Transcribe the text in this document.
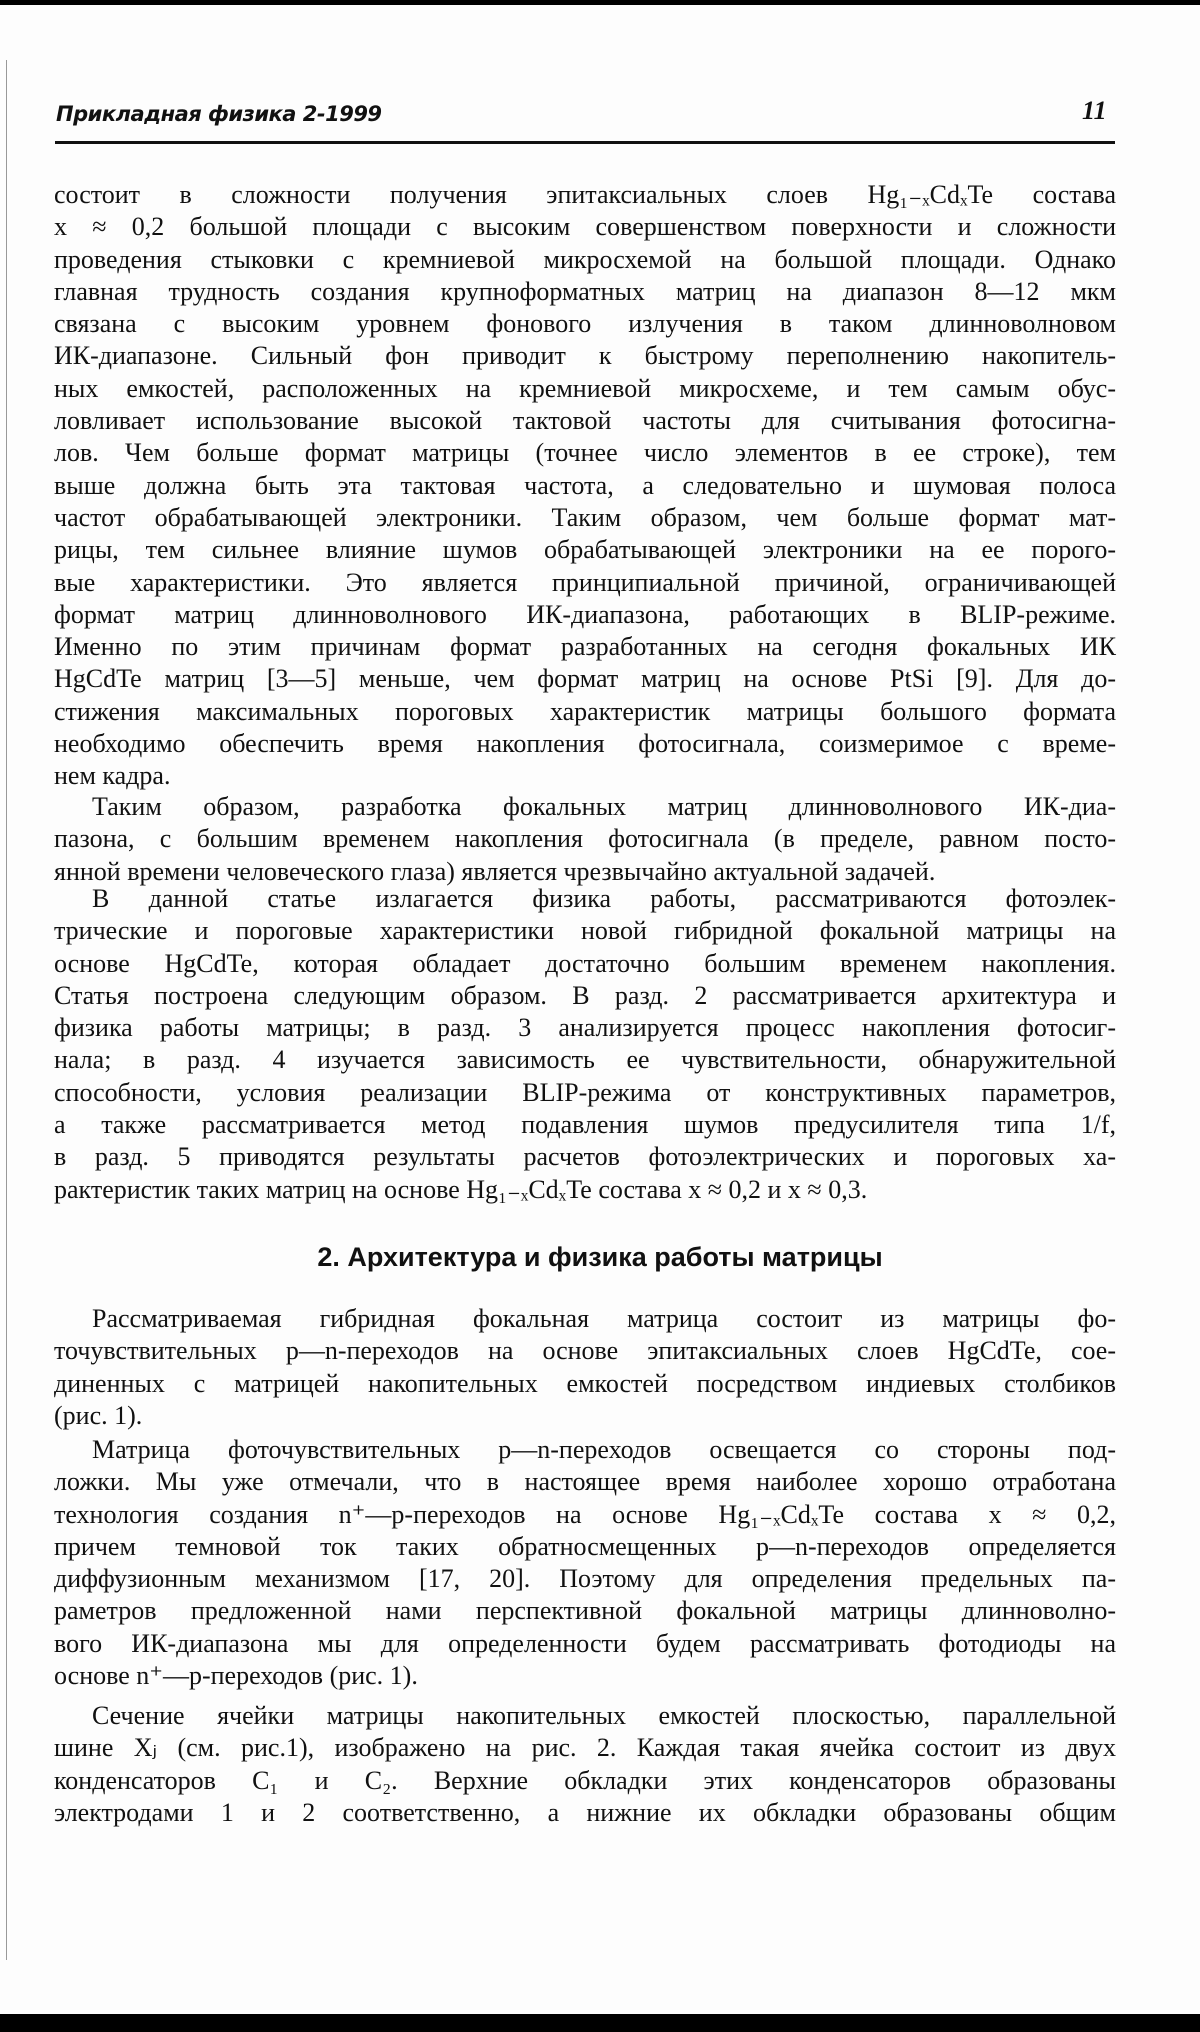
Прикладная физика 2-1999	11
состоит в сложности получения эпитаксиальных слоев Hg₁₋ₓCdₓTe состава
x ≈ 0,2 большой площади с высоким совершенством поверхности и сложности
проведения стыковки с кремниевой микросхемой на большой площади. Однако
главная трудность создания крупноформатных матриц на диапазон 8—12 мкм
связана с высоким уровнем фонового излучения в таком длинноволновом
ИК-диапазоне. Сильный фон приводит к быстрому переполнению накопитель-
ных емкостей, расположенных на кремниевой микросхеме, и тем самым обус-
ловливает использование высокой тактовой частоты для считывания фотосигна-
лов. Чем больше формат матрицы (точнее число элементов в ее строке), тем
выше должна быть эта тактовая частота, а следовательно и шумовая полоса
частот обрабатывающей электроники. Таким образом, чем больше формат мат-
рицы, тем сильнее влияние шумов обрабатывающей электроники на ее порого-
вые характеристики. Это является принципиальной причиной, ограничивающей
формат матриц длинноволнового ИК-диапазона, работающих в BLIP-режиме.
Именно по этим причинам формат разработанных на сегодня фокальных ИК
HgCdTe матриц [3—5] меньше, чем формат матриц на основе PtSi [9]. Для до-
стижения максимальных пороговых характеристик матрицы большого формата
необходимо обеспечить время накопления фотосигнала, соизмеримое с време-
нем кадра.
Таким образом, разработка фокальных матриц длинноволнового ИК-диа-
пазона, с большим временем накопления фотосигнала (в пределе, равном посто-
янной времени человеческого глаза) является чрезвычайно актуальной задачей.
В данной статье излагается физика работы, рассматриваются фотоэлек-
трические и пороговые характеристики новой гибридной фокальной матрицы на
основе HgCdTe, которая обладает достаточно большим временем накопления.
Статья построена следующим образом. В разд. 2 рассматривается архитектура и
физика работы матрицы; в разд. 3 анализируется процесс накопления фотосиг-
нала; в разд. 4 изучается зависимость ее чувствительности, обнаружительной
способности, условия реализации BLIP-режима от конструктивных параметров,
а также рассматривается метод подавления шумов предусилителя типа 1/f,
в разд. 5 приводятся результаты расчетов фотоэлектрических и пороговых ха-
рактеристик таких матриц на основе Hg₁₋ₓCdₓTe состава x ≈ 0,2 и x ≈ 0,3.
2. Архитектура и физика работы матрицы
Рассматриваемая гибридная фокальная матрица состоит из матрицы фо-
точувствительных p—n-переходов на основе эпитаксиальных слоев HgCdTe, сое-
диненных с матрицей накопительных емкостей посредством индиевых столбиков
(рис. 1).
Матрица фоточувствительных p—n-переходов освещается со стороны под-
ложки. Мы уже отмечали, что в настоящее время наиболее хорошо отработана
технология создания n⁺—p-переходов на основе Hg₁₋ₓCdₓTe состава x ≈ 0,2,
причем темновой ток таких обратносмещенных p—n-переходов определяется
диффузионным механизмом [17, 20]. Поэтому для определения предельных па-
раметров предложенной нами перспективной фокальной матрицы длинноволно-
вого ИК-диапазона мы для определенности будем рассматривать фотодиоды на
основе n⁺—p-переходов (рис. 1).
Сечение ячейки матрицы накопительных емкостей плоскостью, параллельной
шине Xⱼ (см. рис.1), изображено на рис. 2. Каждая такая ячейка состоит из двух
конденсаторов C₁ и C₂. Верхние обкладки этих конденсаторов образованы
электродами 1 и 2 соответственно, а нижние их обкладки образованы общим
